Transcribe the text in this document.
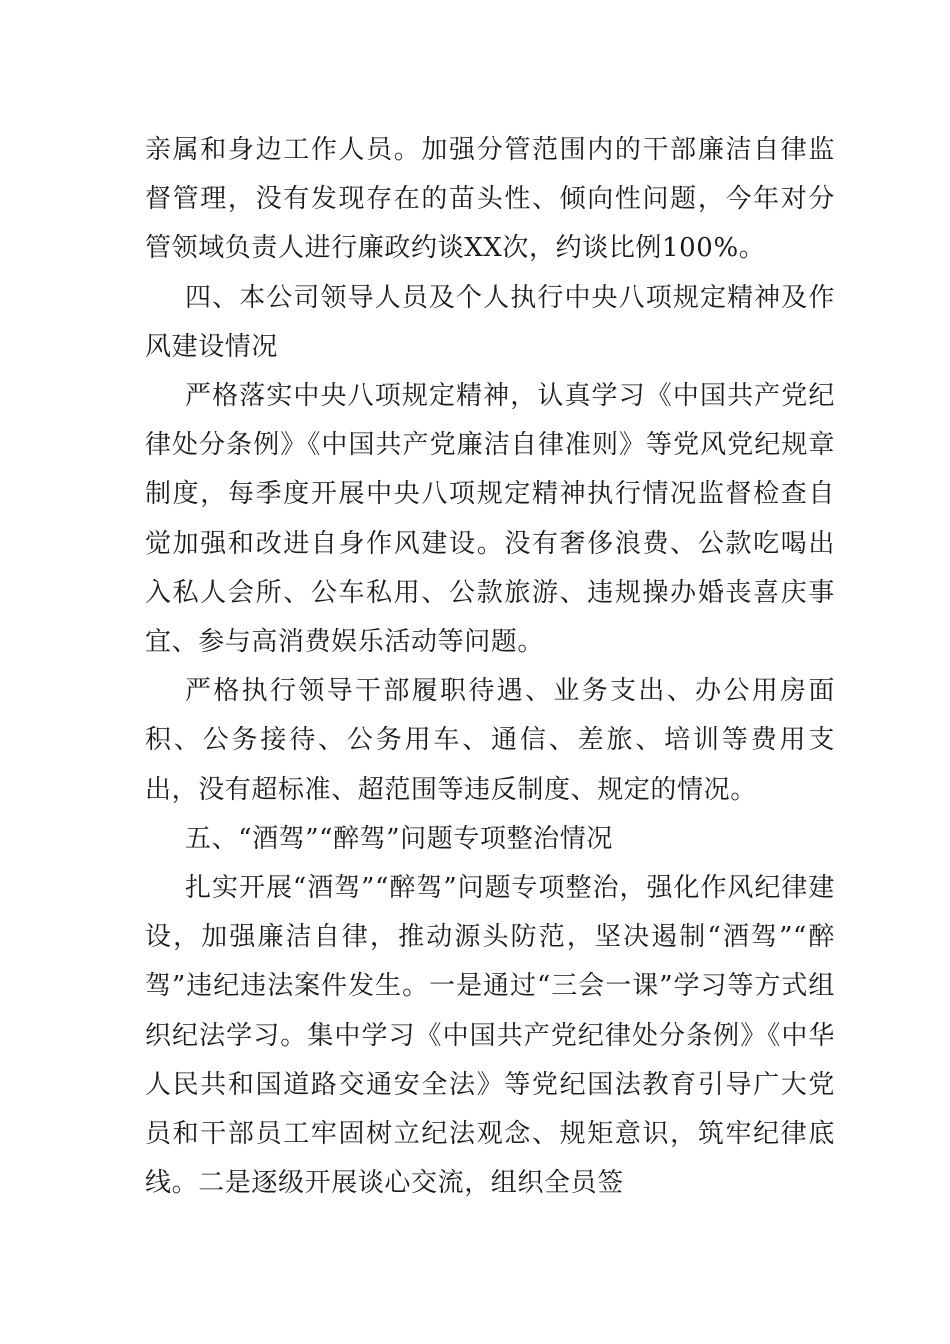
亲属和身边工作人员。加强分管范围内的干部廉洁自律监督管理，没有发现存在的苗头性、倾向性问题，今年对分管领域负责人进行廉政约谈XX次，约谈比例100%。

四、本公司领导人员及个人执行中央八项规定精神及作风建设情况

严格落实中央八项规定精神，认真学习《中国共产党纪律处分条例》《中国共产党廉洁自律准则》等党风党纪规章制度，每季度开展中央八项规定精神执行情况监督检查自觉加强和改进自身作风建设。没有奢侈浪费、公款吃喝出入私人会所、公车私用、公款旅游、违规操办婚丧喜庆事宜、参与高消费娱乐活动等问题。

严格执行领导干部履职待遇、业务支出、办公用房面积、公务接待、公务用车、通信、差旅、培训等费用支出，没有超标准、超范围等违反制度、规定的情况。

五、“酒驾”“醉驾”问题专项整治情况

扎实开展“酒驾”“醉驾”问题专项整治，强化作风纪律建设，加强廉洁自律，推动源头防范，坚决遏制“酒驾”“醉驾”违纪违法案件发生。一是通过“三会一课”学习等方式组织纪法学习。集中学习《中国共产党纪律处分条例》《中华人民共和国道路交通安全法》等党纪国法教育引导广大党员和干部员工牢固树立纪法观念、规矩意识，筑牢纪律底线。二是逐级开展谈心交流，组织全员签
